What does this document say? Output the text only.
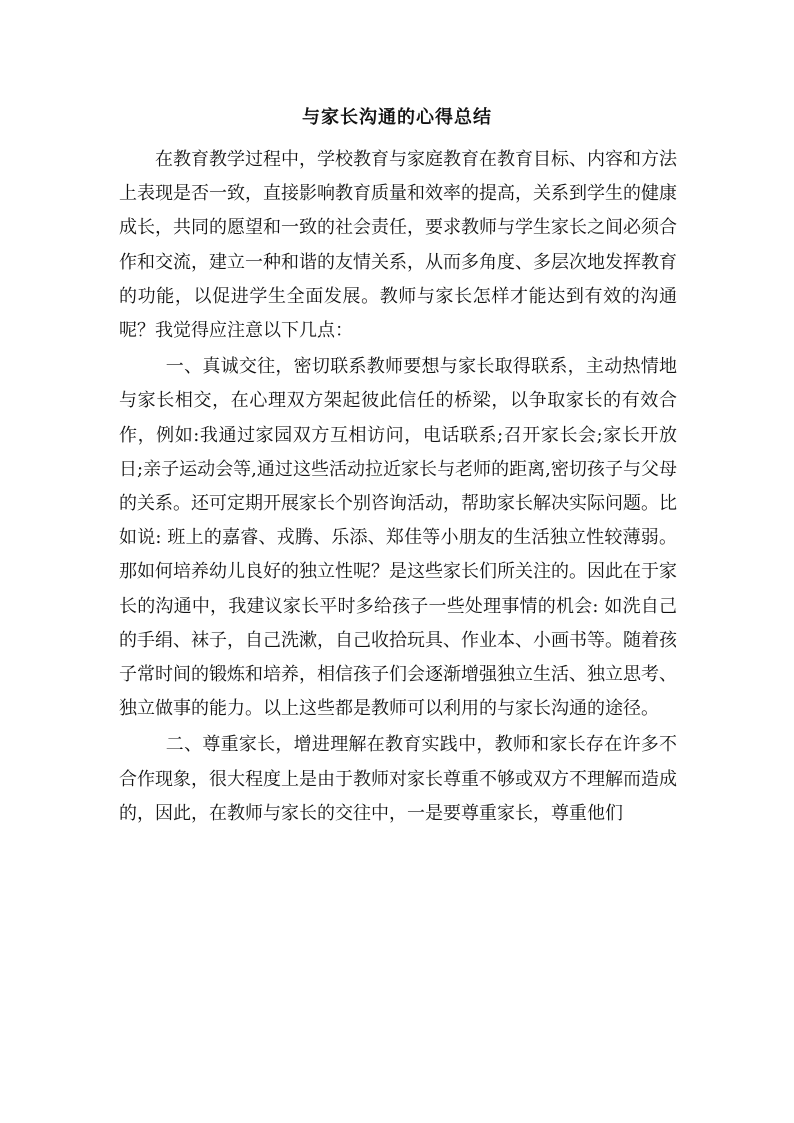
与家长沟通的心得总结

在教育教学过程中，学校教育与家庭教育在教育目标、内容和方法上表现是否一致，直接影响教育质量和效率的提高，关系到学生的健康成长，共同的愿望和一致的社会责任，要求教师与学生家长之间必须合作和交流，建立一种和谐的友情关系，从而多角度、多层次地发挥教育的功能，以促进学生全面发展。教师与家长怎样才能达到有效的沟通呢？我觉得应注意以下几点：

一、真诚交往，密切联系教师要想与家长取得联系，主动热情地与家长相交，在心理双方架起彼此信任的桥梁，以争取家长的有效合作，例如:我通过家园双方互相访问，电话联系;召开家长会;家长开放日;亲子运动会等,通过这些活动拉近家长与老师的距离,密切孩子与父母的关系。还可定期开展家长个别咨询活动，帮助家长解决实际问题。比如说: 班上的嘉睿、戎腾、乐添、郑佳等小朋友的生活独立性较薄弱。那如何培养幼儿良好的独立性呢？是这些家长们所关注的。因此在于家长的沟通中，我建议家长平时多给孩子一些处理事情的机会: 如洗自己的手绢、袜子，自己洗漱，自己收拾玩具、作业本、小画书等。随着孩子常时间的锻炼和培养，相信孩子们会逐渐增强独立生活、独立思考、独立做事的能力。以上这些都是教师可以利用的与家长沟通的途径。

二、尊重家长，增进理解在教育实践中，教师和家长存在许多不合作现象，很大程度上是由于教师对家长尊重不够或双方不理解而造成的，因此，在教师与家长的交往中，一是要尊重家长，尊重他们
